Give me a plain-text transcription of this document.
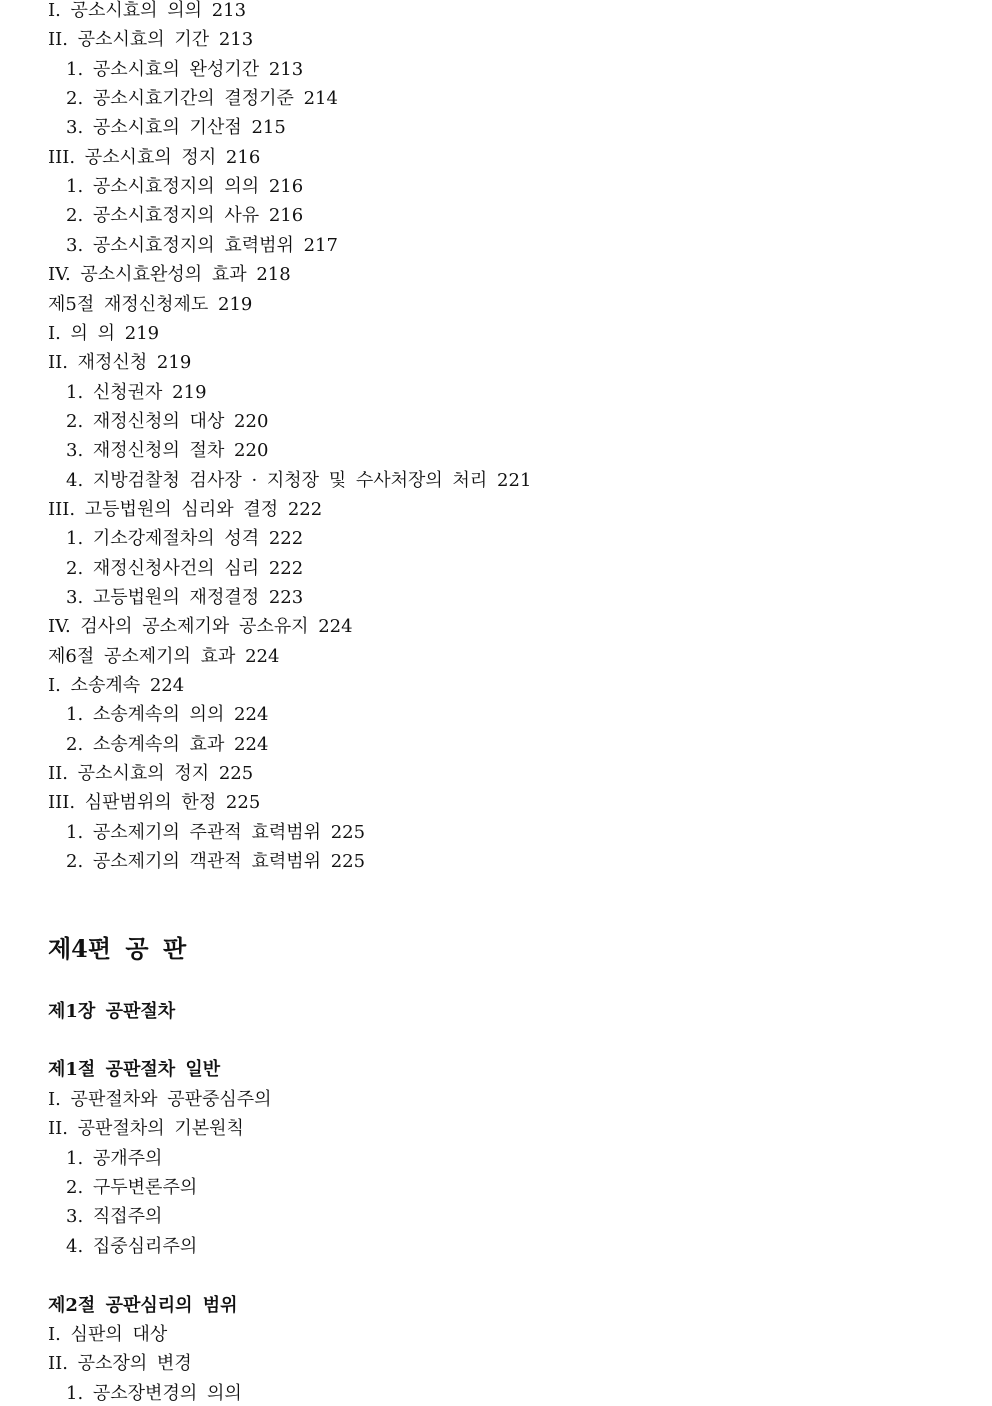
I. 공소시효의 의의 213
II. 공소시효의 기간 213
1. 공소시효의 완성기간 213
2. 공소시효기간의 결정기준 214
3. 공소시효의 기산점 215
III. 공소시효의 정지 216
1. 공소시효정지의 의의 216
2. 공소시효정지의 사유 216
3. 공소시효정지의 효력범위 217
IV. 공소시효완성의 효과 218
제5절 재정신청제도 219
I. 의 의 219
II. 재정신청 219
1. 신청권자 219
2. 재정신청의 대상 220
3. 재정신청의 절차 220
4. 지방검찰청 검사장 · 지청장 및 수사처장의 처리 221
III. 고등법원의 심리와 결정 222
1. 기소강제절차의 성격 222
2. 재정신청사건의 심리 222
3. 고등법원의 재정결정 223
IV. 검사의 공소제기와 공소유지 224
제6절 공소제기의 효과 224
I. 소송계속 224
1. 소송계속의 의의 224
2. 소송계속의 효과 224
II. 공소시효의 정지 225
III. 심판범위의 한정 225
1. 공소제기의 주관적 효력범위 225
2. 공소제기의 객관적 효력범위 225
제4편 공 판
제1장 공판절차
제1절 공판절차 일반
I. 공판절차와 공판중심주의
II. 공판절차의 기본원칙
1. 공개주의
2. 구두변론주의
3. 직접주의
4. 집중심리주의
제2절 공판심리의 범위
I. 심판의 대상
II. 공소장의 변경
1. 공소장변경의 의의
